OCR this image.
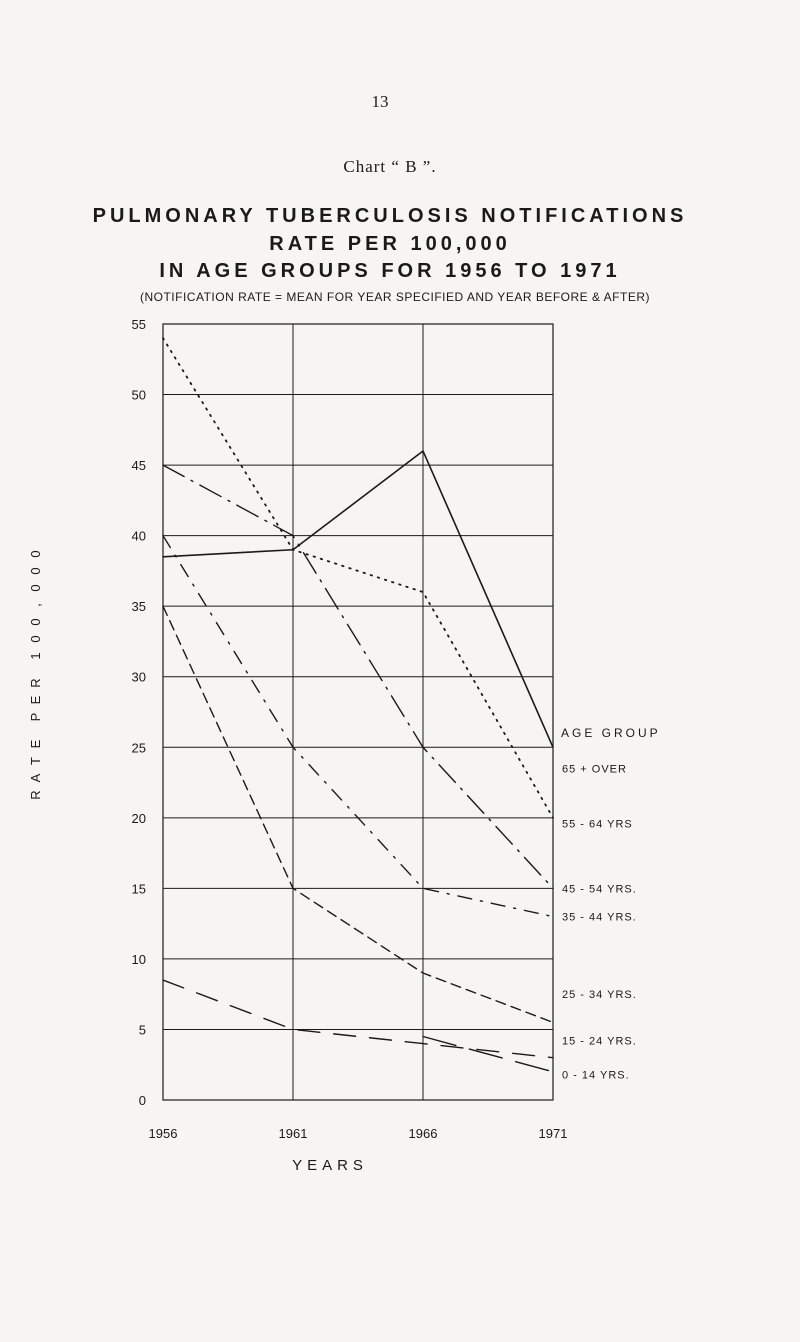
13
Chart “ B ”.
PULMONARY TUBERCULOSIS NOTIFICATIONS
RATE PER 100,000
IN AGE GROUPS FOR 1956 TO 1971
(NOTIFICATION RATE = MEAN FOR YEAR SPECIFIED AND YEAR BEFORE & AFTER)
0
5
10
15
20
25
30
35
40
45
50
55
1956	1961	1966	1971
R
A
T
E
P
E
R
1
0
0
,
0
0
0
YEARS
AGE GROUP
65 + OVER
55 - 64 YRS
45 - 54 YRS.
35 - 44 YRS.
25 - 34 YRS.
15 - 24 YRS.
0 - 14 YRS.
